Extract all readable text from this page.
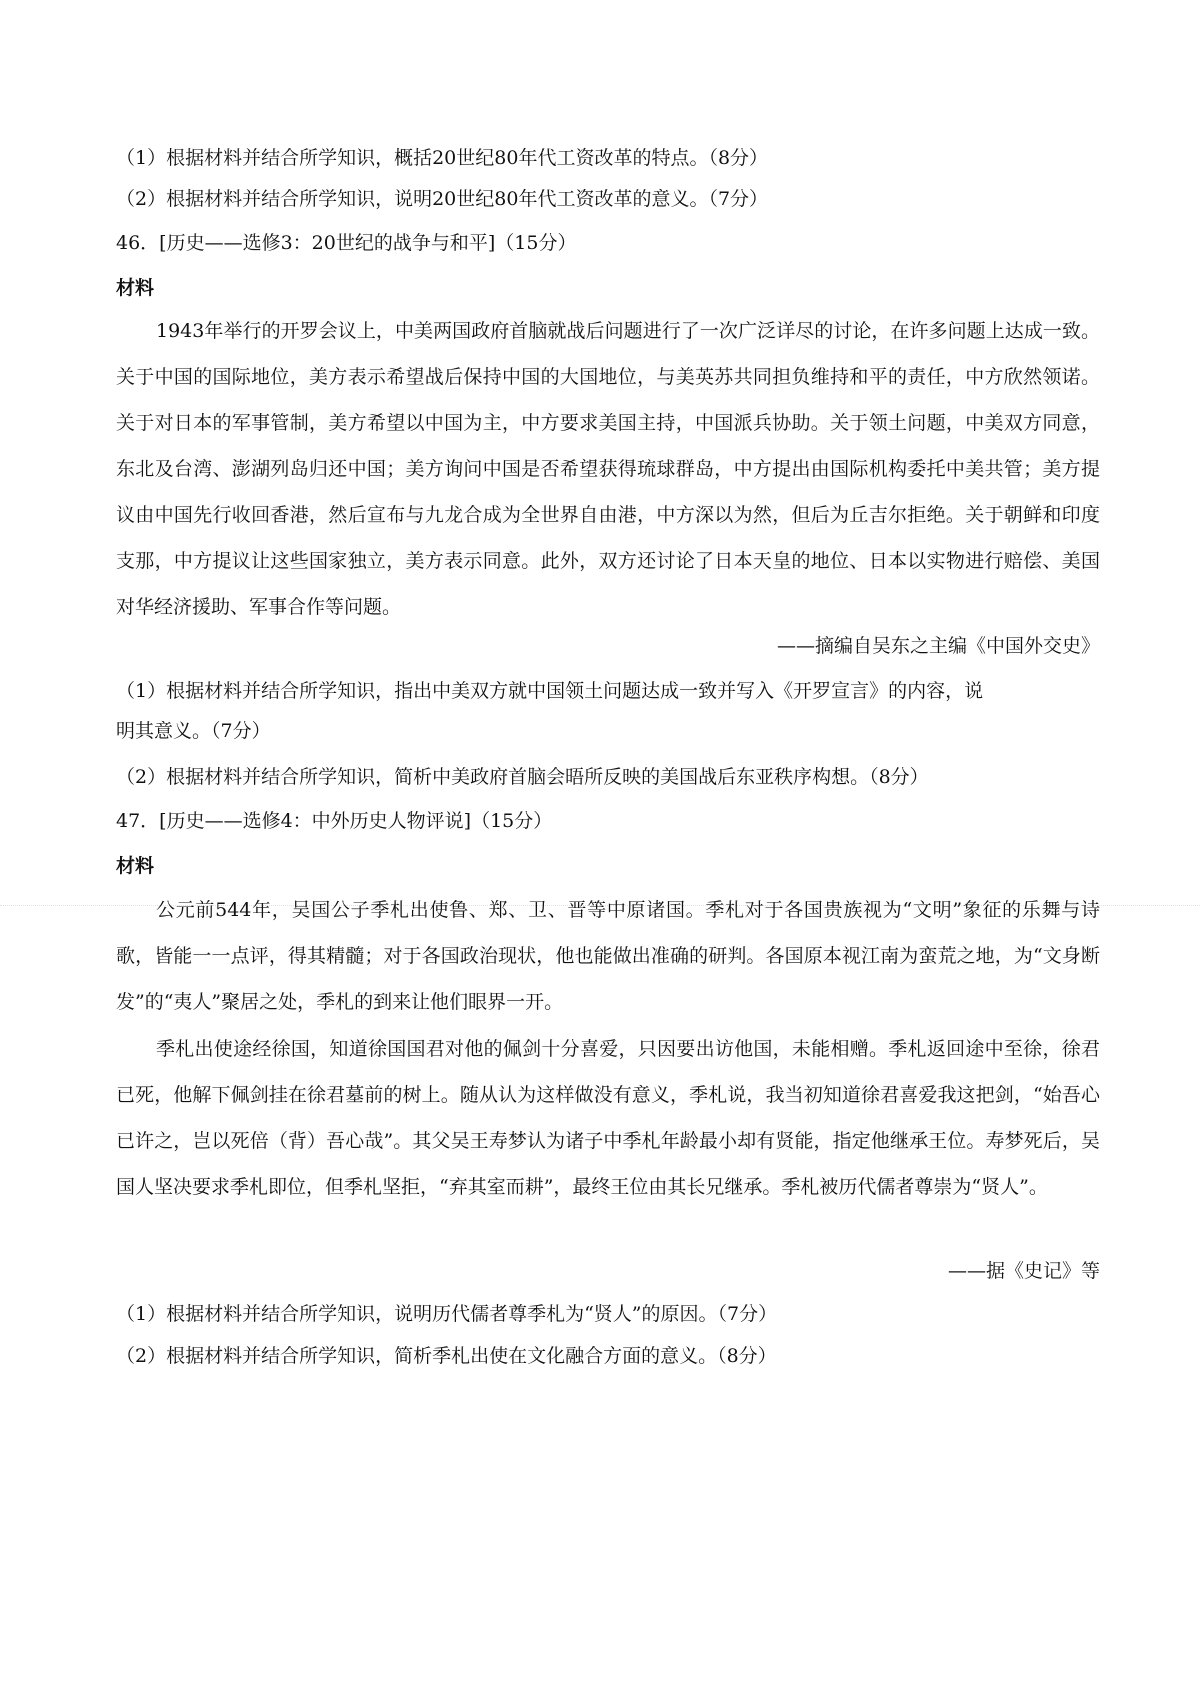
（1）根据材料并结合所学知识，概括20世纪80年代工资改革的特点。（8分）
（2）根据材料并结合所学知识，说明20世纪80年代工资改革的意义。（7分）
46．[历史——选修3：20世纪的战争与和平]（15分）
材料
1943年举行的开罗会议上，中美两国政府首脑就战后问题进行了一次广泛详尽的讨论，在许多问题上达成一致。关于中国的国际地位，美方表示希望战后保持中国的大国地位，与美英苏共同担负维持和平的责任，中方欣然领诺。关于对日本的军事管制，美方希望以中国为主，中方要求美国主持，中国派兵协助。关于领土问题，中美双方同意，东北及台湾、澎湖列岛归还中国；美方询问中国是否希望获得琉球群岛，中方提出由国际机构委托中美共管；美方提议由中国先行收回香港，然后宣布与九龙合成为全世界自由港，中方深以为然，但后为丘吉尔拒绝。关于朝鲜和印度支那，中方提议让这些国家独立，美方表示同意。此外，双方还讨论了日本天皇的地位、日本以实物进行赔偿、美国对华经济援助、军事合作等问题。
——摘编自吴东之主编《中国外交史》
（1）根据材料并结合所学知识，指出中美双方就中国领土问题达成一致并写入《开罗宣言》的内容，说
明其意义。（7分）
（2）根据材料并结合所学知识，简析中美政府首脑会晤所反映的美国战后东亚秩序构想。（8分）
47．[历史——选修4：中外历史人物评说]（15分）
材料
公元前544年，吴国公子季札出使鲁、郑、卫、晋等中原诸国。季札对于各国贵族视为“文明”象征的乐舞与诗歌，皆能一一点评，得其精髓；对于各国政治现状，他也能做出准确的研判。各国原本视江南为蛮荒之地，为“文身断发”的“夷人”聚居之处，季札的到来让他们眼界一开。
季札出使途经徐国，知道徐国国君对他的佩剑十分喜爱，只因要出访他国，未能相赠。季札返回途中至徐，徐君已死，他解下佩剑挂在徐君墓前的树上。随从认为这样做没有意义，季札说，我当初知道徐君喜爱我这把剑，“始吾心已许之，岂以死倍（背）吾心哉”。其父吴王寿梦认为诸子中季札年龄最小却有贤能，指定他继承王位。寿梦死后，吴国人坚决要求季札即位，但季札坚拒，“弃其室而耕”，最终王位由其长兄继承。季札被历代儒者尊崇为“贤人”。
——据《史记》等
（1）根据材料并结合所学知识，说明历代儒者尊季札为“贤人”的原因。（7分）
（2）根据材料并结合所学知识，简析季札出使在文化融合方面的意义。（8分）
